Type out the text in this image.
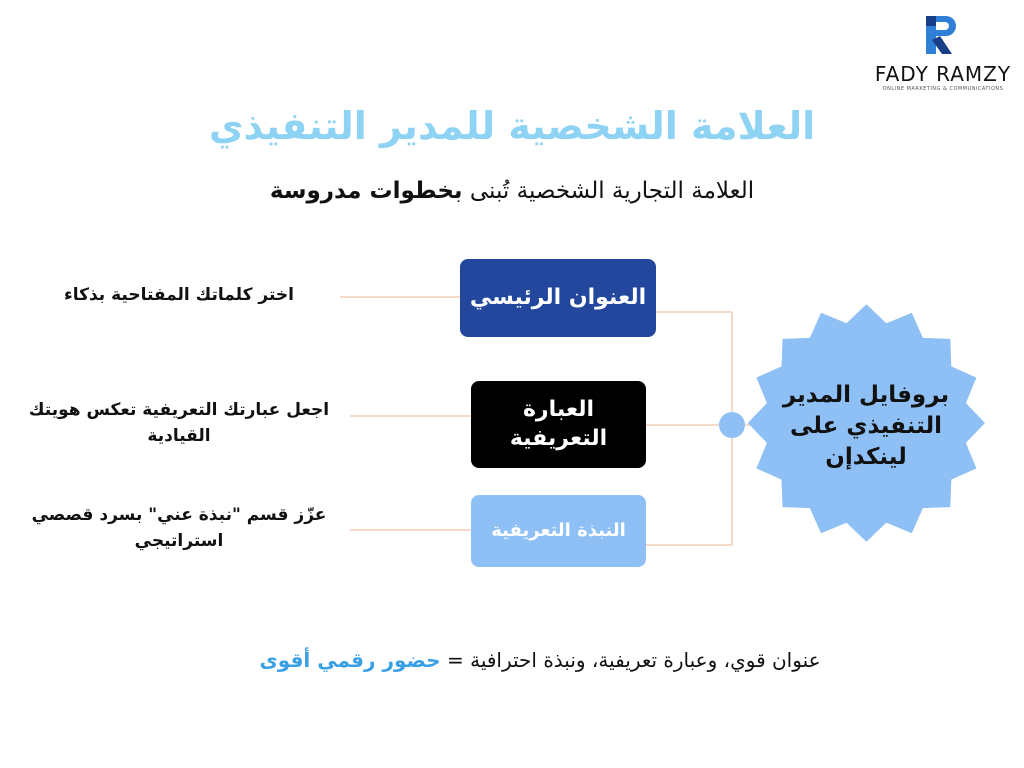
FADY RAMZY
ONLINE MARKETING & COMMUNICATIONS
العلامة الشخصية للمدير التنفيذي
العلامة التجارية الشخصية تُبنى بخطوات مدروسة
بروفايل المدير التنفيذي على لينكدإن
العنوان الرئيسي
العبارة التعريفية
النبذة التعريفية
اختر كلماتك المفتاحية بذكاء
اجعل عبارتك التعريفية تعكس هويتك القيادية
عزّز قسم "نبذة عني" بسرد قصصي استراتيجي
عنوان قوي، وعبارة تعريفية، ونبذة احترافية = حضور رقمي أقوى
